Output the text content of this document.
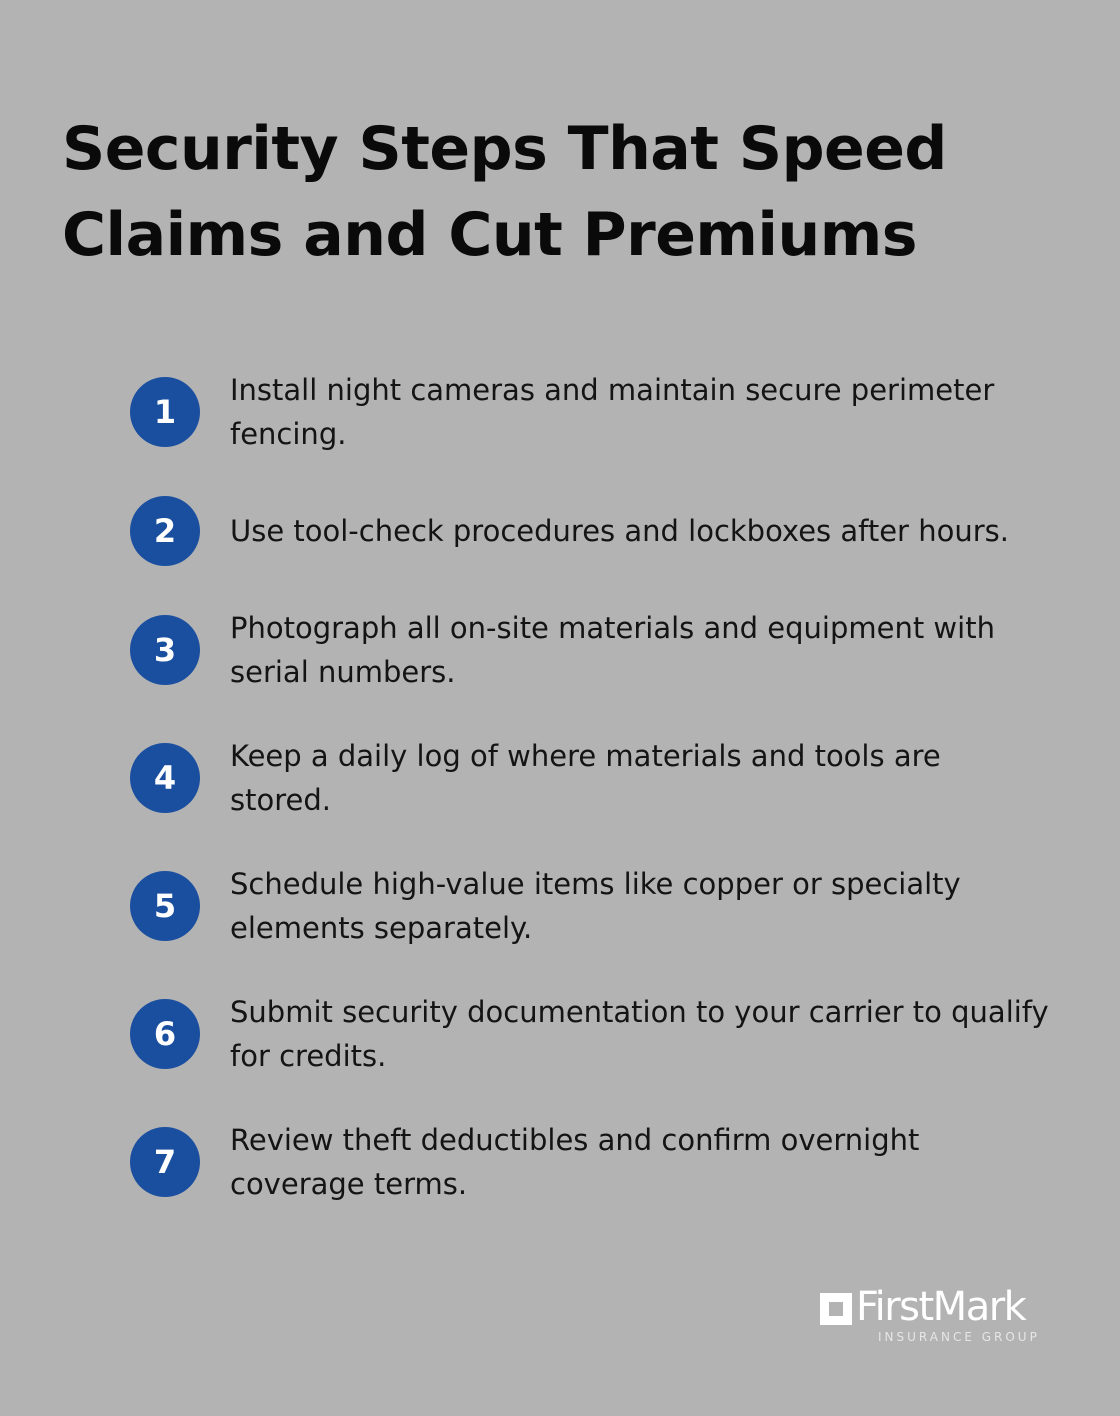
Security Steps That Speed
Claims and Cut Premiums
1
Install night cameras and maintain secure perimeter fencing.
2	Use tool-check procedures and lockboxes after hours.
3
Photograph all on-site materials and equipment with serial numbers.
4
Keep a daily log of where materials and tools are stored.
5
Schedule high-value items like copper or specialty elements separately.
6
Submit security documentation to your carrier to qualify for credits.
7
Review theft deductibles and confirm overnight coverage terms.
FirstMark
INSURANCE GROUP
